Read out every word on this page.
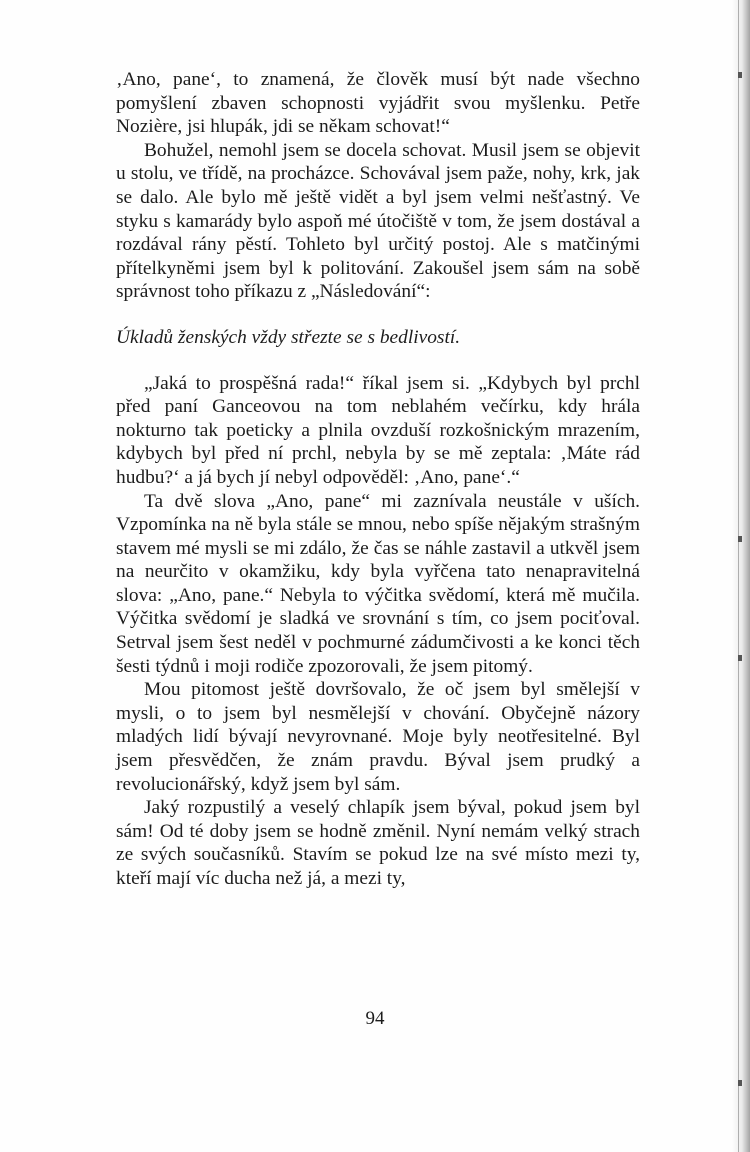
‚Ano, pane‘, to znamená, že člověk musí být nade všechno pomyšlení zbaven schopnosti vyjádřit svou myšlenku. Petře Nozière, jsi hlupák, jdi se někam schovat!“

Bohužel, nemohl jsem se docela schovat. Musil jsem se objevit u stolu, ve třídě, na procházce. Schovával jsem paže, nohy, krk, jak se dalo. Ale bylo mě ještě vidět a byl jsem velmi nešťastný. Ve styku s kamarády bylo aspoň mé útočiště v tom, že jsem dostával a rozdával rány pěstí. Tohleto byl určitý postoj. Ale s matčinými přítelkyněmi jsem byl k politování. Zakoušel jsem sám na sobě správnost toho příkazu z „Následování“:

Úkladů ženských vždy střezte se s bedlivostí.

„Jaká to prospěšná rada!“ říkal jsem si. „Kdybych byl prchl před paní Ganceovou na tom neblahém večírku, kdy hrála nokturno tak poeticky a plnila ovzduší rozkošnickým mrazením, kdybych byl před ní prchl, nebyla by se mě zeptala: ‚Máte rád hudbu?‘ a já bych jí nebyl odpověděl: ‚Ano, pane‘.“

Ta dvě slova „Ano, pane“ mi zaznívala neustále v uších. Vzpomínka na ně byla stále se mnou, nebo spíše nějakým strašným stavem mé mysli se mi zdálo, že čas se náhle zastavil a utkvěl jsem na neurčito v okamžiku, kdy byla vyřčena tato nenapravitelná slova: „Ano, pane.“ Nebyla to výčitka svědomí, která mě mučila. Výčitka svědomí je sladká ve srovnání s tím, co jsem pociťoval. Setrval jsem šest neděl v pochmurné zádumčivosti a ke konci těch šesti týdnů i moji rodiče zpozorovali, že jsem pitomý.

Mou pitomost ještě dovršovalo, že oč jsem byl smělejší v mysli, o to jsem byl nesmělejší v chování. Obyčejně názory mladých lidí bývají nevyrovnané. Moje byly neotřesitelné. Byl jsem přesvědčen, že znám pravdu. Býval jsem prudký a revolucionářský, když jsem byl sám.

Jaký rozpustilý a veselý chlapík jsem býval, pokud jsem byl sám! Od té doby jsem se hodně změnil. Nyní nemám velký strach ze svých současníků. Stavím se pokud lze na své místo mezi ty, kteří mají víc ducha než já, a mezi ty,

94
